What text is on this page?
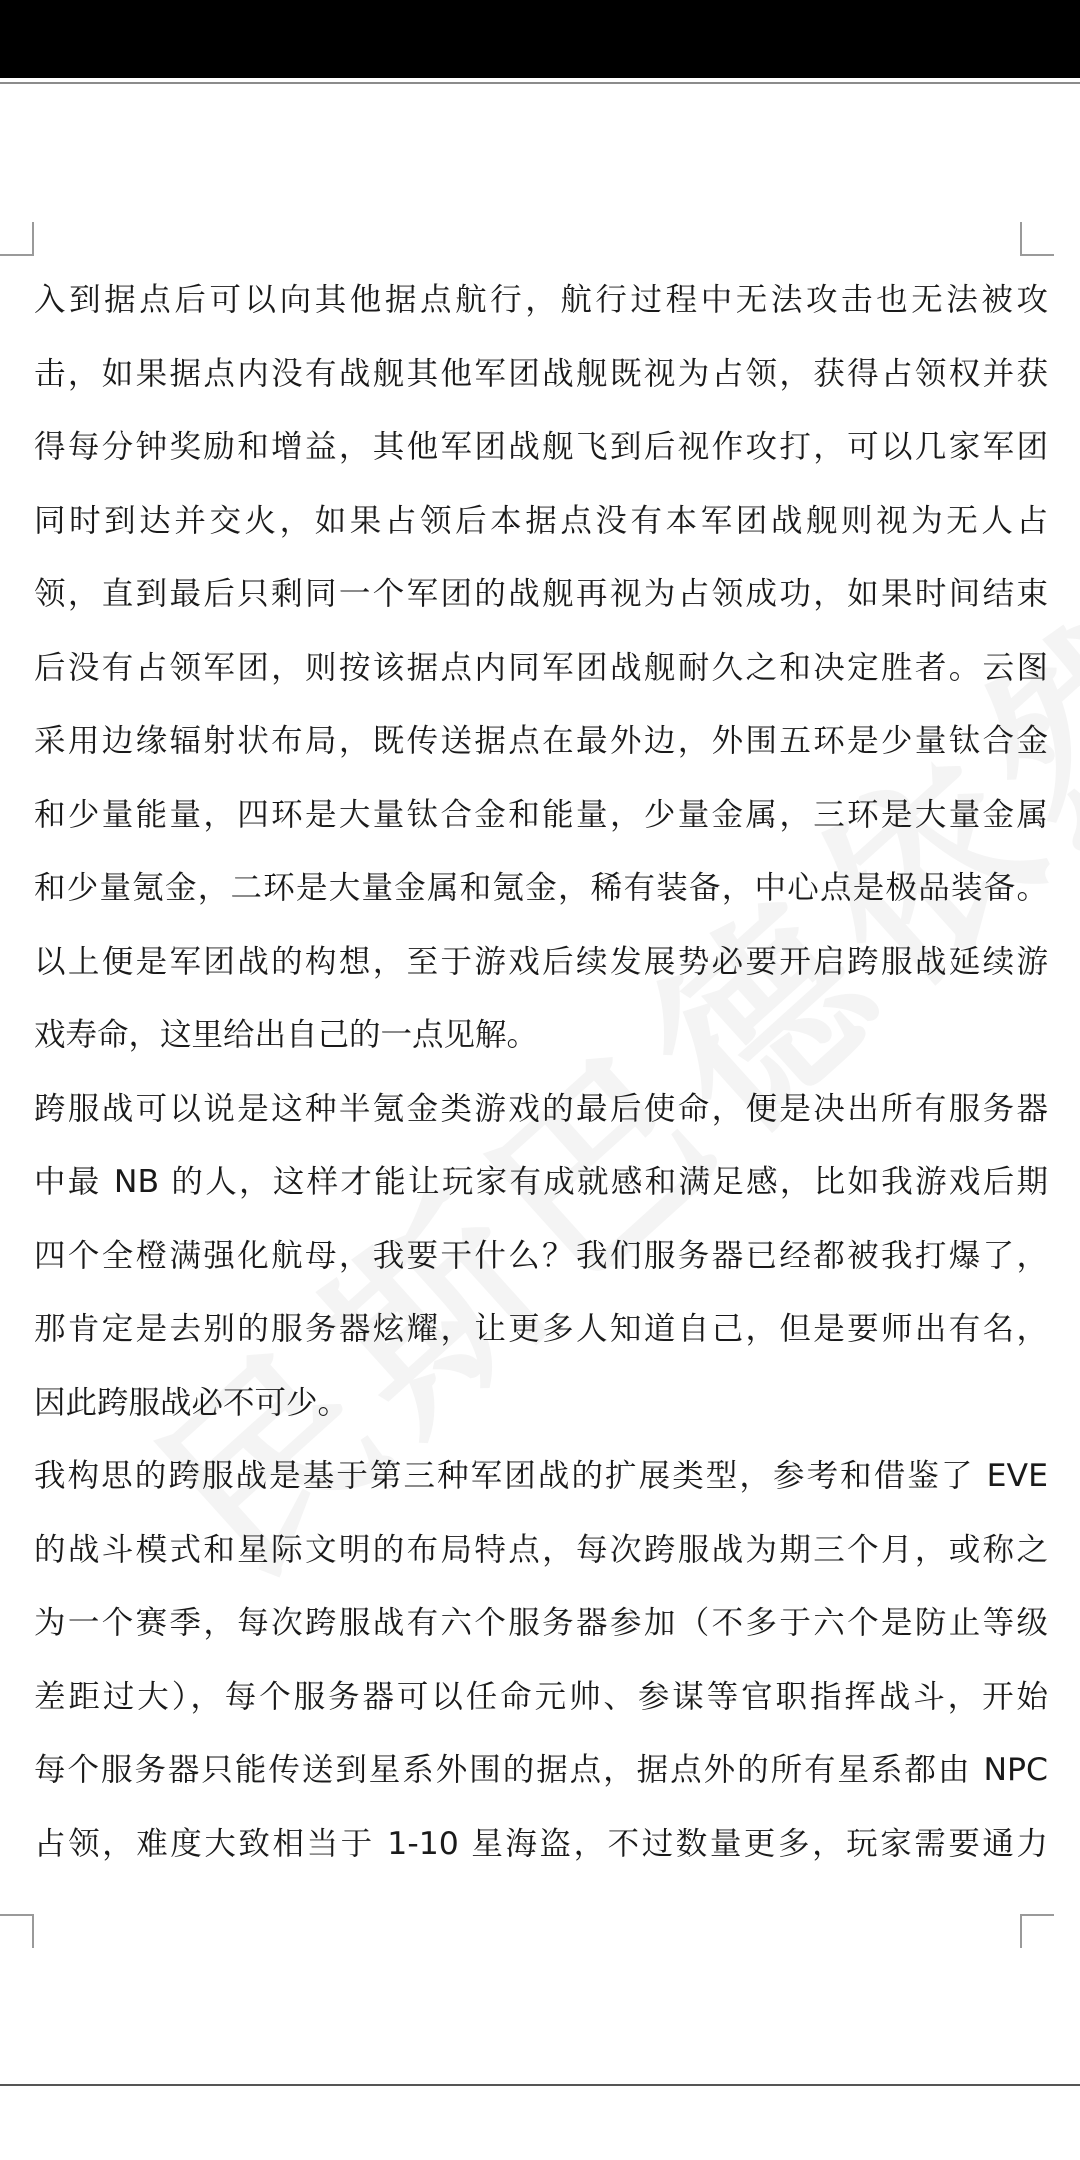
入到据点后可以向其他据点航行，航行过程中无法攻击也无法被攻
击，如果据点内没有战舰其他军团战舰既视为占领，获得占领权并获
得每分钟奖励和增益，其他军团战舰飞到后视作攻打，可以几家军团
同时到达并交火，如果占领后本据点没有本军团战舰则视为无人占
领，直到最后只剩同一个军团的战舰再视为占领成功，如果时间结束
后没有占领军团，则按该据点内同军团战舰耐久之和决定胜者。云图
采用边缘辐射状布局，既传送据点在最外边，外围五环是少量钛合金
和少量能量，四环是大量钛合金和能量，少量金属，三环是大量金属
和少量氪金，二环是大量金属和氪金，稀有装备，中心点是极品装备。
以上便是军团战的构想，至于游戏后续发展势必要开启跨服战延续游
戏寿命，这里给出自己的一点见解。
跨服战可以说是这种半氪金类游戏的最后使命，便是决出所有服务器
中最 NB 的人，这样才能让玩家有成就感和满足感，比如我游戏后期
四个全橙满强化航母，我要干什么？我们服务器已经都被我打爆了，
那肯定是去别的服务器炫耀，让更多人知道自己，但是要师出有名，
因此跨服战必不可少。
我构思的跨服战是基于第三种军团战的扩展类型，参考和借鉴了 EVE
的战斗模式和星际文明的布局特点，每次跨服战为期三个月，或称之
为一个赛季，每次跨服战有六个服务器参加（不多于六个是防止等级
差距过大），每个服务器可以任命元帅、参谋等官职指挥战斗，开始
每个服务器只能传送到星系外围的据点，据点外的所有星系都由 NPC
占领，难度大致相当于 1-10 星海盗，不过数量更多，玩家需要通力
